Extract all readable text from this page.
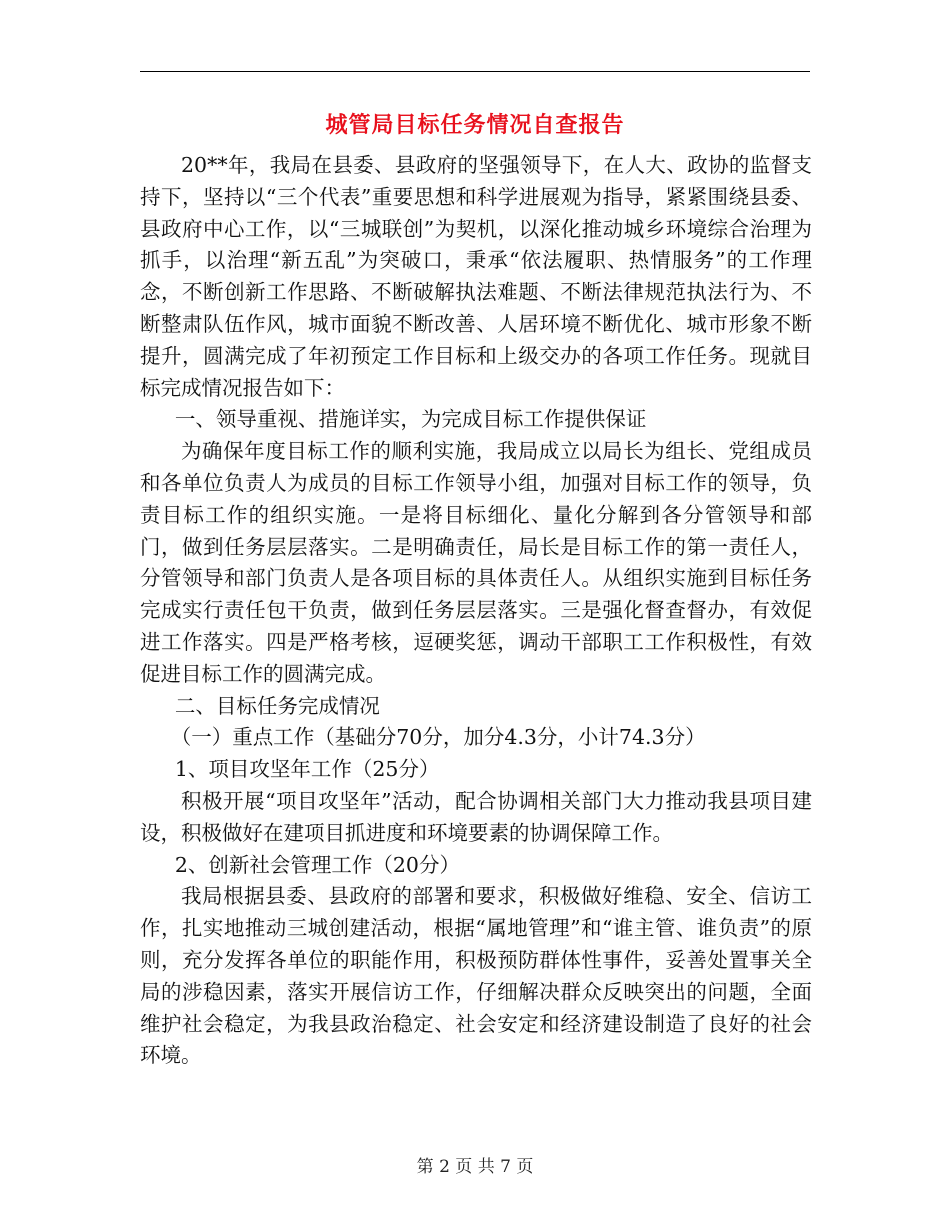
城管局目标任务情况自查报告

20**年，我局在县委、县政府的坚强领导下，在人大、政协的监督支持下，坚持以“三个代表”重要思想和科学进展观为指导，紧紧围绕县委、县政府中心工作，以“三城联创”为契机，以深化推动城乡环境综合治理为抓手，以治理“新五乱”为突破口，秉承“依法履职、热情服务”的工作理念，不断创新工作思路、不断破解执法难题、不断法律规范执法行为、不断整肃队伍作风，城市面貌不断改善、人居环境不断优化、城市形象不断提升，圆满完成了年初预定工作目标和上级交办的各项工作任务。现就目标完成情况报告如下：

一、领导重视、措施详实，为完成目标工作提供保证

为确保年度目标工作的顺利实施，我局成立以局长为组长、党组成员和各单位负责人为成员的目标工作领导小组，加强对目标工作的领导，负责目标工作的组织实施。一是将目标细化、量化分解到各分管领导和部门，做到任务层层落实。二是明确责任，局长是目标工作的第一责任人，分管领导和部门负责人是各项目标的具体责任人。从组织实施到目标任务完成实行责任包干负责，做到任务层层落实。三是强化督查督办，有效促进工作落实。四是严格考核，逗硬奖惩，调动干部职工工作积极性，有效促进目标工作的圆满完成。

二、目标任务完成情况

（一）重点工作（基础分70分，加分4.3分，小计74.3分）

1、项目攻坚年工作（25分）

积极开展“项目攻坚年”活动，配合协调相关部门大力推动我县项目建设，积极做好在建项目抓进度和环境要素的协调保障工作。

2、创新社会管理工作（20分）

我局根据县委、县政府的部署和要求，积极做好维稳、安全、信访工作，扎实地推动三城创建活动，根据“属地管理”和“谁主管、谁负责”的原则，充分发挥各单位的职能作用，积极预防群体性事件，妥善处置事关全局的涉稳因素，落实开展信访工作，仔细解决群众反映突出的问题，全面维护社会稳定，为我县政治稳定、社会安定和经济建设制造了良好的社会环境。

第 2 页 共 7 页
